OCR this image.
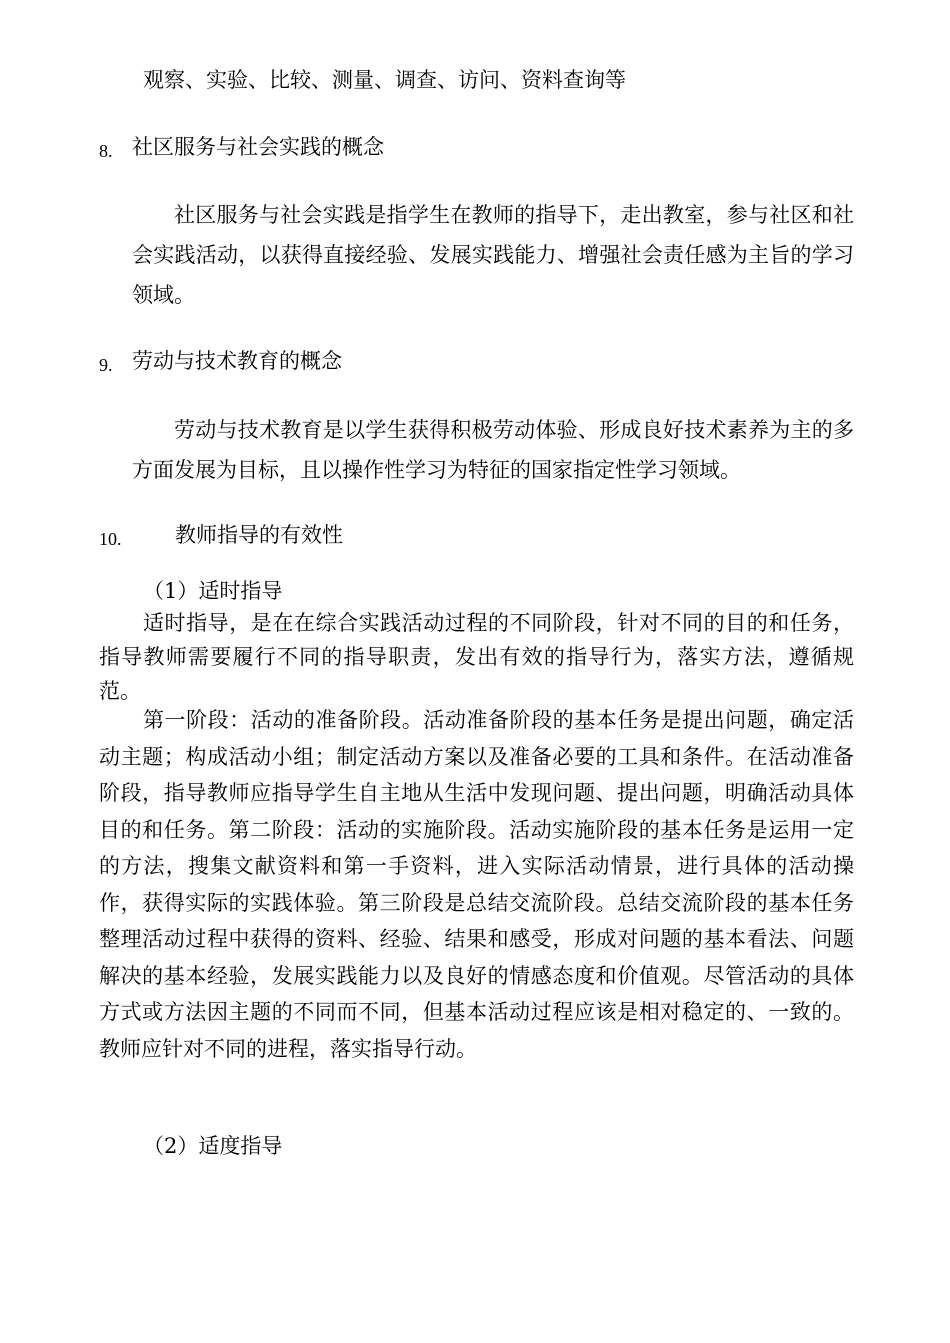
观察、实验、比较、测量、调查、访问、资料查询等
8. 社区服务与社会实践的概念
社区服务与社会实践是指学生在教师的指导下，走出教室，参与社区和社会实践活动，以获得直接经验、发展实践能力、增强社会责任感为主旨的学习领域。
9. 劳动与技术教育的概念
劳动与技术教育是以学生获得积极劳动体验、形成良好技术素养为主的多方面发展为目标，且以操作性学习为特征的国家指定性学习领域。
10.	教师指导的有效性
（1）适时指导
适时指导，是在在综合实践活动过程的不同阶段，针对不同的目的和任务，指导教师需要履行不同的指导职责，发出有效的指导行为，落实方法，遵循规范。
第一阶段：活动的准备阶段。活动准备阶段的基本任务是提出问题，确定活动主题；构成活动小组；制定活动方案以及准备必要的工具和条件。在活动准备阶段，指导教师应指导学生自主地从生活中发现问题、提出问题，明确活动具体目的和任务。第二阶段：活动的实施阶段。活动实施阶段的基本任务是运用一定的方法，搜集文献资料和第一手资料，进入实际活动情景，进行具体的活动操作，获得实际的实践体验。第三阶段是总结交流阶段。总结交流阶段的基本任务整理活动过程中获得的资料、经验、结果和感受，形成对问题的基本看法、问题解决的基本经验，发展实践能力以及良好的情感态度和价值观。尽管活动的具体方式或方法因主题的不同而不同，但基本活动过程应该是相对稳定的、一致的。教师应针对不同的进程，落实指导行动。
（2）适度指导
